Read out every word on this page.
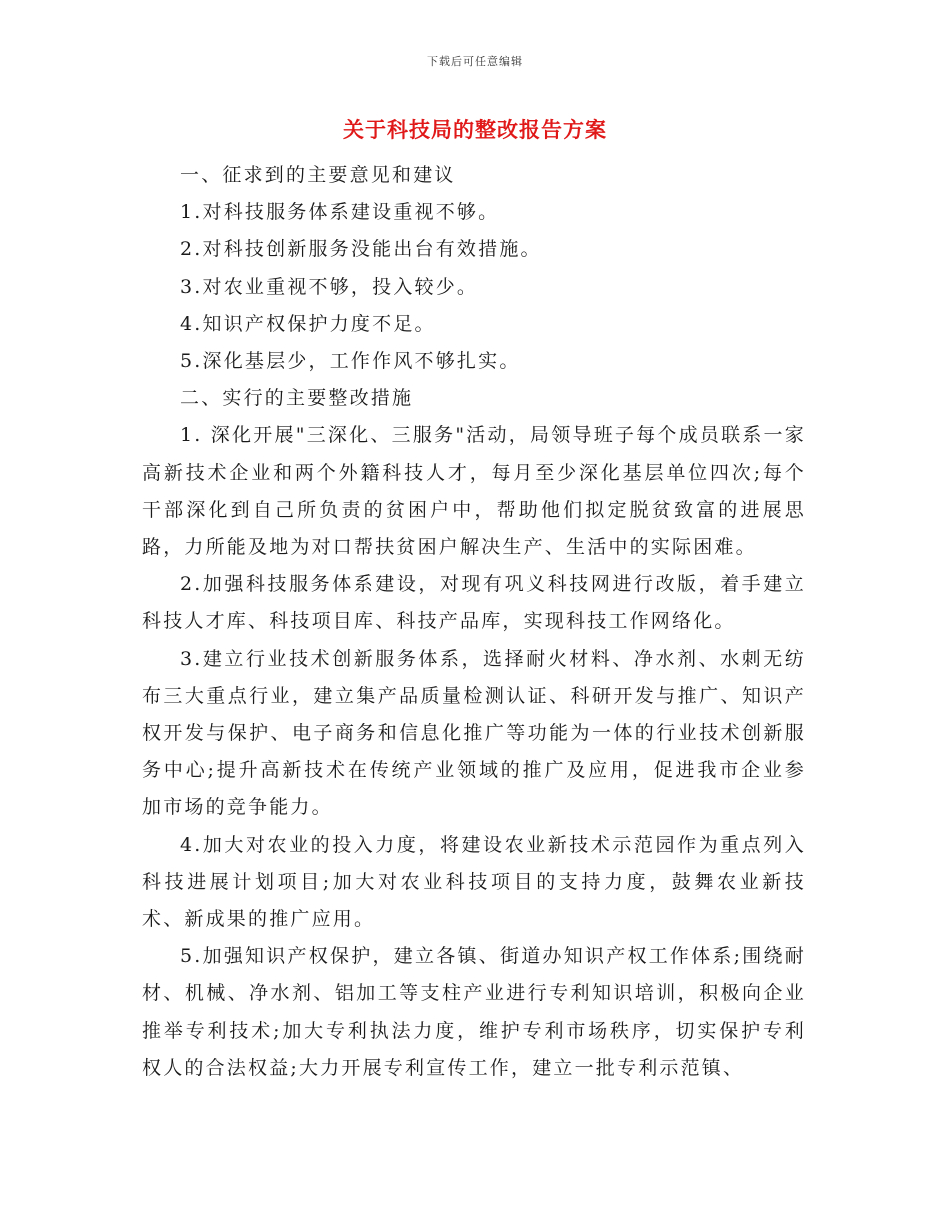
下载后可任意编辑
关于科技局的整改报告方案

一、征求到的主要意见和建议

1.对科技服务体系建设重视不够。

2.对科技创新服务没能出台有效措施。

3.对农业重视不够，投入较少。

4.知识产权保护力度不足。

5.深化基层少，工作作风不够扎实。

二、实行的主要整改措施

1. 深化开展"三深化、三服务"活动，局领导班子每个成员联系一家高新技术企业和两个外籍科技人才，每月至少深化基层单位四次;每个干部深化到自己所负责的贫困户中，帮助他们拟定脱贫致富的进展思路，力所能及地为对口帮扶贫困户解决生产、生活中的实际困难。

2.加强科技服务体系建设，对现有巩义科技网进行改版，着手建立科技人才库、科技项目库、科技产品库，实现科技工作网络化。

3.建立行业技术创新服务体系，选择耐火材料、净水剂、水刺无纺布三大重点行业，建立集产品质量检测认证、科研开发与推广、知识产权开发与保护、电子商务和信息化推广等功能为一体的行业技术创新服务中心;提升高新技术在传统产业领域的推广及应用，促进我市企业参加市场的竞争能力。

4.加大对农业的投入力度，将建设农业新技术示范园作为重点列入科技进展计划项目;加大对农业科技项目的支持力度，鼓舞农业新技术、新成果的推广应用。

5.加强知识产权保护，建立各镇、街道办知识产权工作体系;围绕耐材、机械、净水剂、铝加工等支柱产业进行专利知识培训，积极向企业推举专利技术;加大专利执法力度，维护专利市场秩序，切实保护专利权人的合法权益;大力开展专利宣传工作，建立一批专利示范镇、
